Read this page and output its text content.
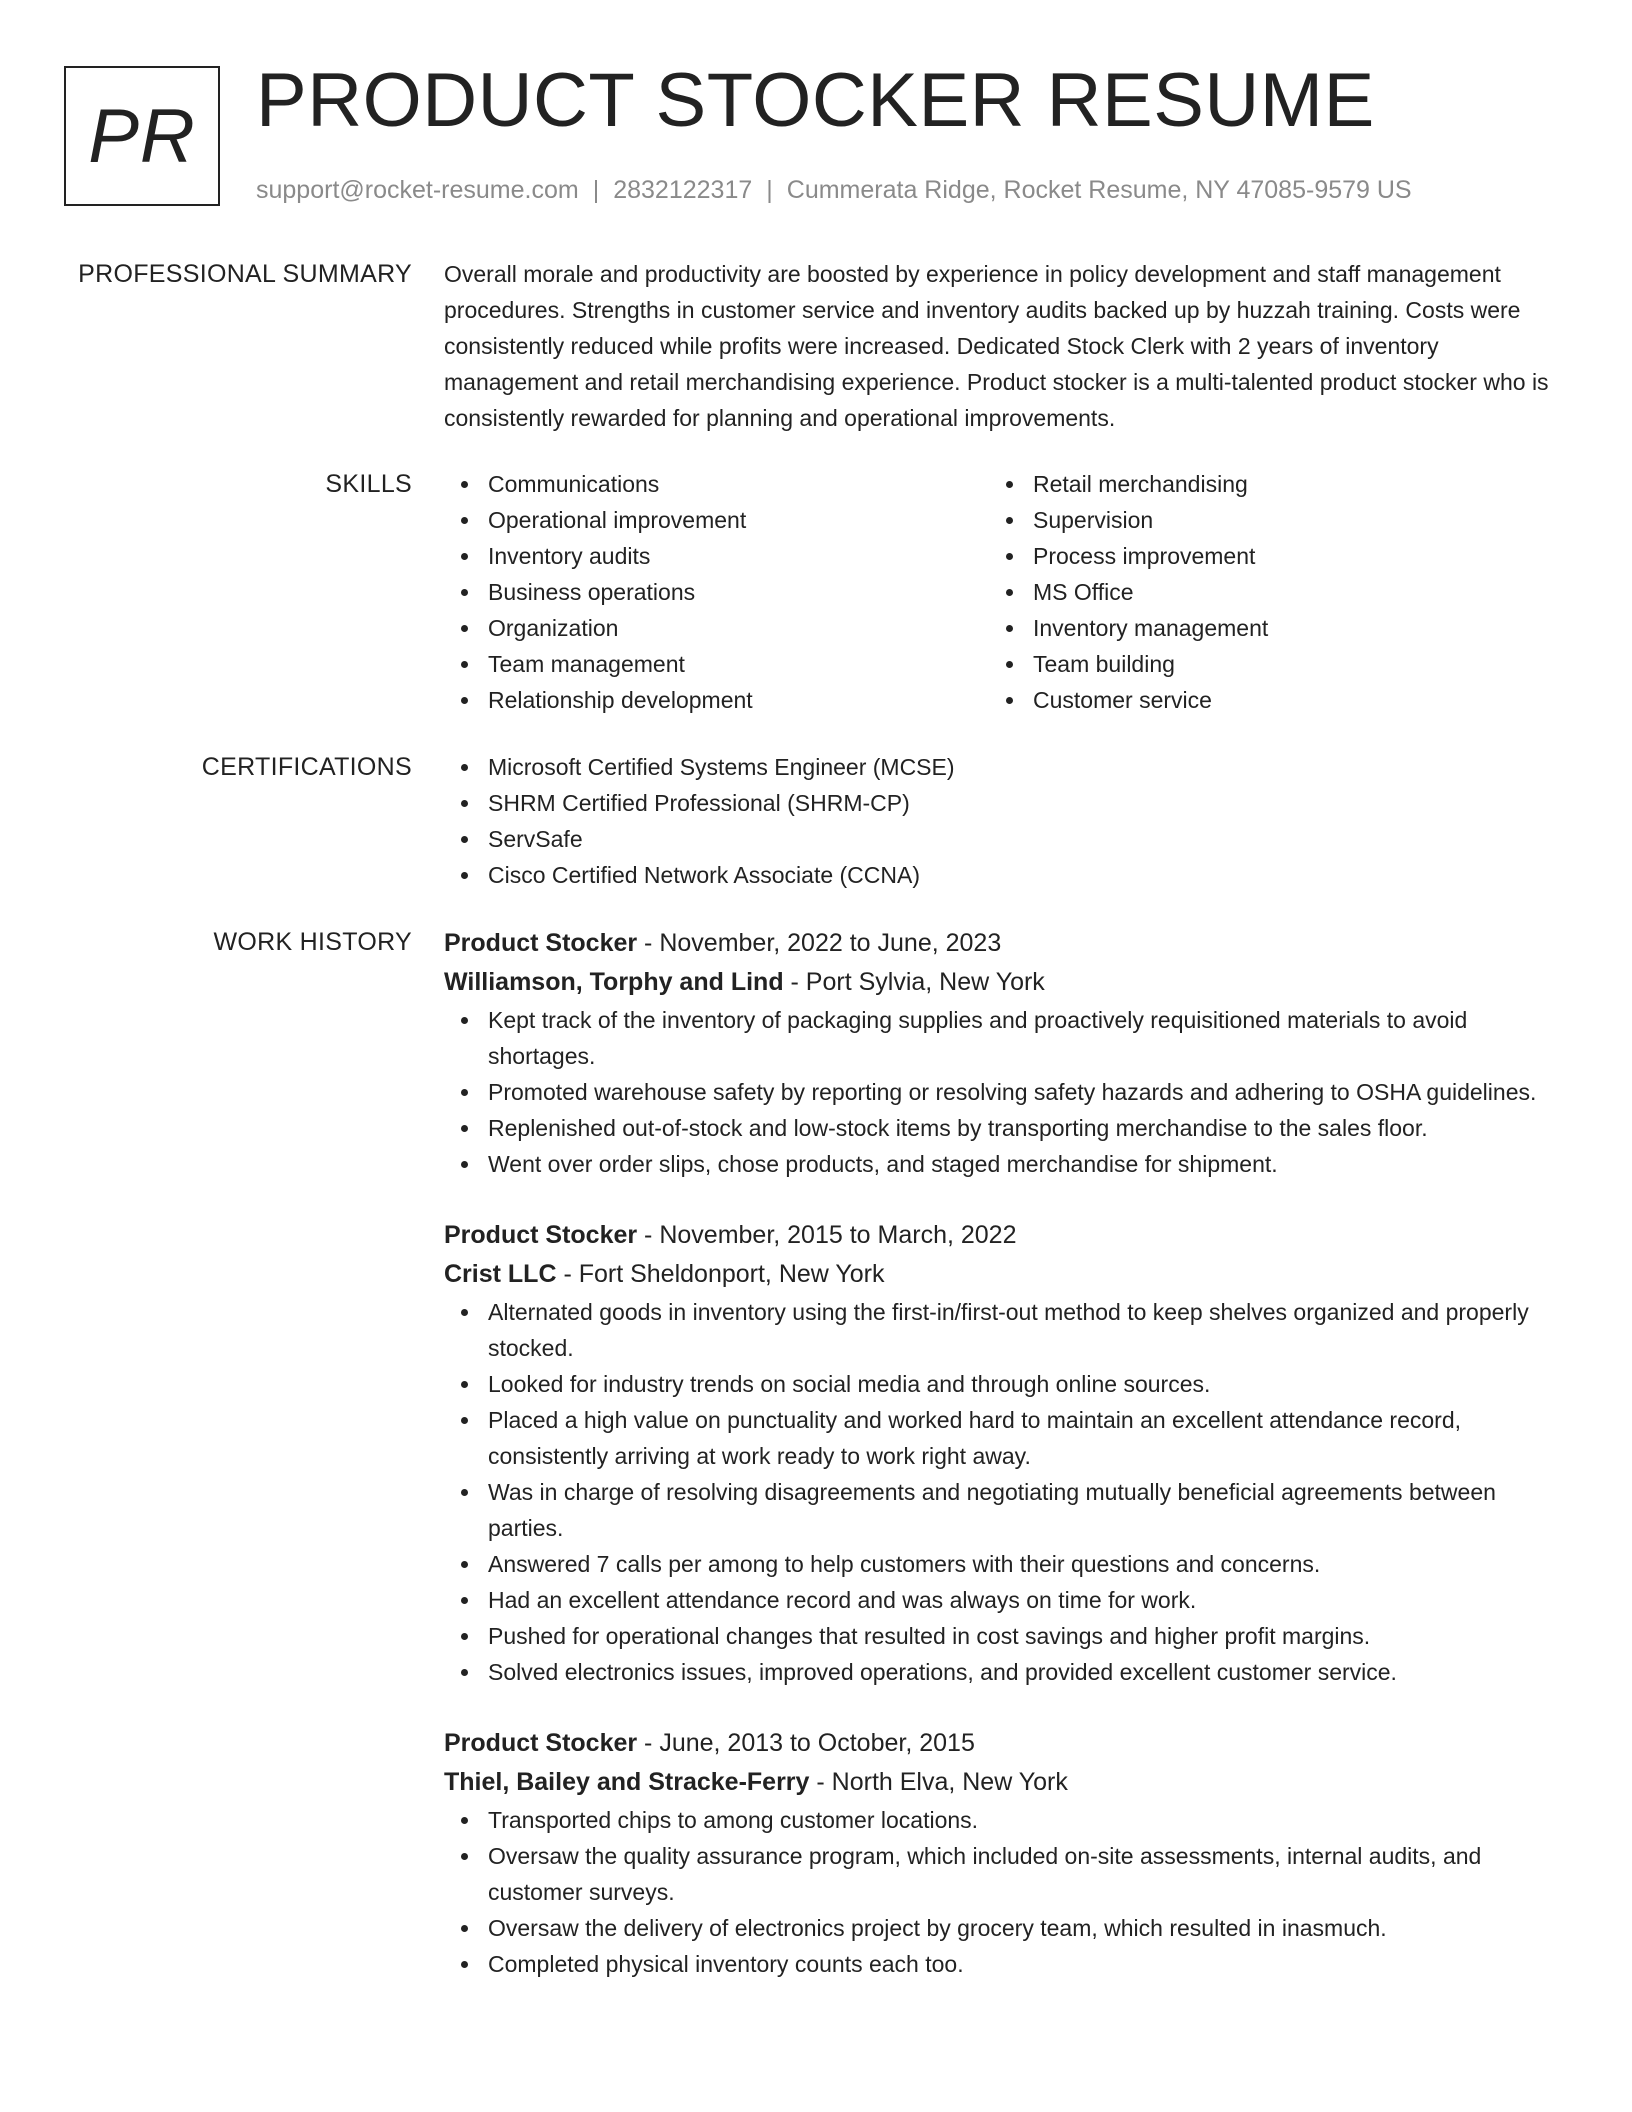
PR PRODUCT STOCKER RESUME
support@rocket-resume.com | 2832122317 | Cummerata Ridge, Rocket Resume, NY 47085-9579 US
PROFESSIONAL SUMMARY Overall morale and productivity are boosted by experience in policy development and staff management procedures. Strengths in customer service and inventory audits backed up by huzzah training. Costs were consistently reduced while profits were increased. Dedicated Stock Clerk with 2 years of inventory management and retail merchandising experience. Product stocker is a multi-talented product stocker who is consistently rewarded for planning and operational improvements.

SKILLS	Communications
Operational improvement
Inventory audits
Business operations
Organization
Team management
Relationship development
Retail merchandising
Supervision
Process improvement
MS Office
Inventory management
Team building
Customer service
CERTIFICATIONS	Microsoft Certified Systems Engineer (MCSE)
SHRM Certified Professional (SHRM-CP)
ServSafe
Cisco Certified Network Associate (CCNA)
WORK HISTORY Product Stocker - November, 2022 to June, 2023
Williamson, Torphy and Lind - Port Sylvia, New York
Kept track of the inventory of packaging supplies and proactively requisitioned materials to avoid shortages.
Promoted warehouse safety by reporting or resolving safety hazards and adhering to OSHA guidelines.
Replenished out-of-stock and low-stock items by transporting merchandise to the sales floor.
Went over order slips, chose products, and staged merchandise for shipment.
Product Stocker - November, 2015 to March, 2022
Crist LLC - Fort Sheldonport, New York
Alternated goods in inventory using the first-in/first-out method to keep shelves organized and properly stocked.
Looked for industry trends on social media and through online sources.
Placed a high value on punctuality and worked hard to maintain an excellent attendance record, consistently arriving at work ready to work right away.
Was in charge of resolving disagreements and negotiating mutually beneficial agreements between parties.
Answered 7 calls per among to help customers with their questions and concerns.
Had an excellent attendance record and was always on time for work.
Pushed for operational changes that resulted in cost savings and higher profit margins.
Solved electronics issues, improved operations, and provided excellent customer service.
Product Stocker - June, 2013 to October, 2015
Thiel, Bailey and Stracke-Ferry - North Elva, New York
Transported chips to among customer locations.
Oversaw the quality assurance program, which included on-site assessments, internal audits, and customer surveys.
Oversaw the delivery of electronics project by grocery team, which resulted in inasmuch.
Completed physical inventory counts each too.
